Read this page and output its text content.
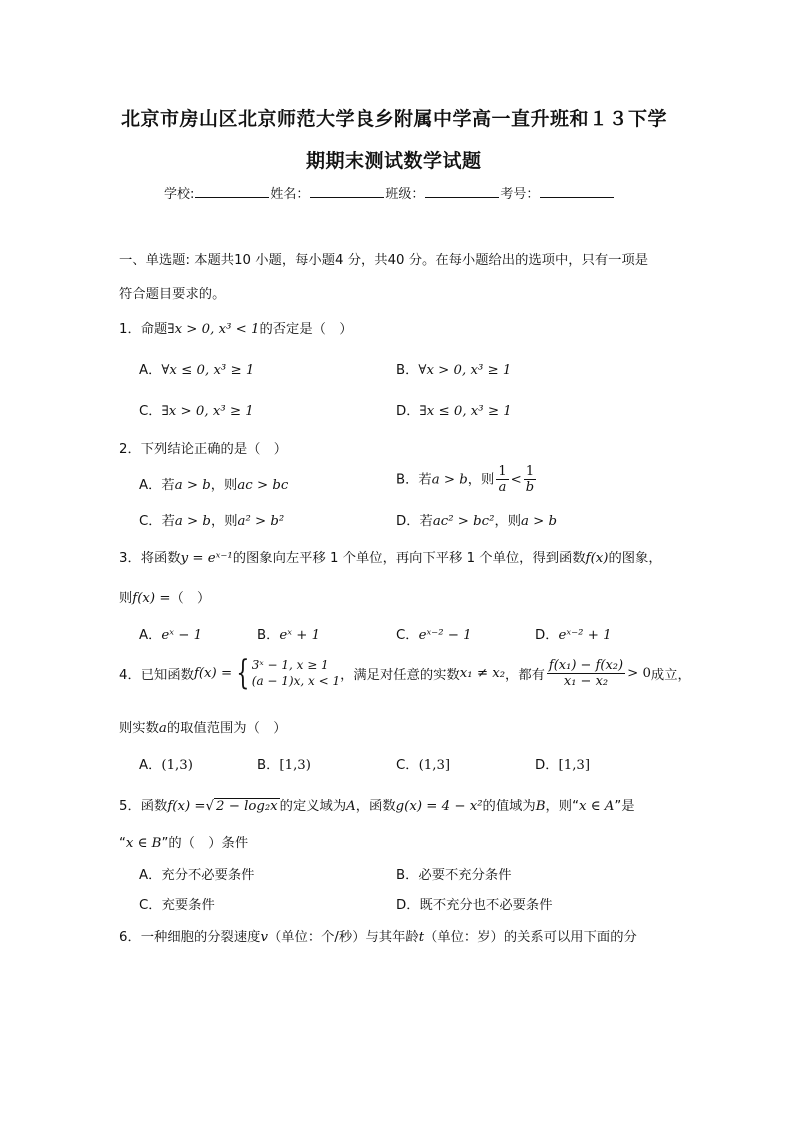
北京市房山区北京师范大学良乡附属中学高一直升班和１３下学
期期末测试数学试题
学校:	姓名：	班级：	考号：
一、单选题: 本题共10 小题，每小题4 分，共40 分。在每小题给出的选项中，只有一项是
符合题目要求的。
1．命题∃x > 0, x³ < 1的否定是（　）
A．∀x ≤ 0, x³ ≥ 1	B．∀x > 0, x³ ≥ 1
C．∃x > 0, x³ ≥ 1	D．∃x ≤ 0, x³ ≥ 1
2．下列结论正确的是（　）
A．若a > b，则ac > bc	B．若a > b，则 $\frac{1}{a} < \frac{1}{b}$
C．若a > b，则a² > b²	D．若ac² > bc²，则a > b
3．将函数y = eˣ⁻¹的图象向左平移 1 个单位，再向下平移 1 个单位，得到函数f(x)的图象，
则f(x) =（　）
A．eˣ − 1	B．eˣ + 1	C．eˣ⁻² − 1	D．eˣ⁻² + 1
4． 已知函数 f(x) = { 3ˣ − 1, x ≥ 1
(a − 1)x, x < 1 ，满足对任意的实数 x₁ ≠ x₂ ，都有 $\frac{\text{f(x₁) − f(x₂)}}{\text{x₁ − x₂}} > 0$ 成立，
则实数a的取值范围为（　）
A．(1,3)	B．[1,3)	C．(1,3]	D．[1,3]
5．函数f(x) =√ 2 − log₂x 的定义域为A，函数g(x) = 4 − x²的值域为B，则“x ∈ A”是
“x ∈ B”的（　）条件
A．充分不必要条件	B．必要不充分条件
C．充要条件	D．既不充分也不必要条件
6．一种细胞的分裂速度v（单位：个/秒）与其年龄t（单位：岁）的关系可以用下面的分
